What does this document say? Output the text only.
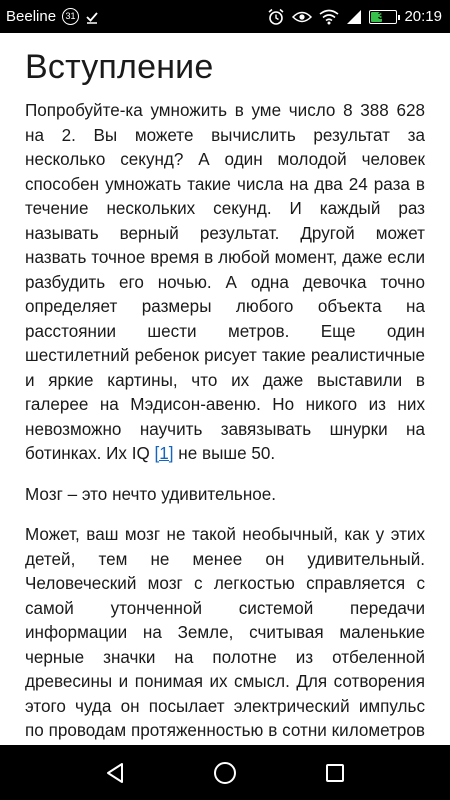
Beeline	31	31	20:19
Вступление

Попробуйте-ка умножить в уме число 8 388 628 на 2. Вы можете вычислить результат за несколько секунд? А один молодой человек способен умножать такие числа на два 24 раза в течение нескольких секунд. И каждый раз называть верный результат. Другой может назвать точное время в любой момент, даже если разбудить его ночью. А одна девочка точно определяет размеры любого объекта на расстоянии шести метров. Еще один шестилетний ребенок рисует такие реалистичные и яркие картины, что их даже выставили в галерее на Мэдисон-авеню. Но никого из них невозможно научить завязывать шнурки на ботинках. Их IQ [1] не выше 50.

Мозг – это нечто удивительное.

Может, ваш мозг не такой необычный, как у этих детей, тем не менее он удивительный. Человеческий мозг с легкостью справляется с самой утонченной системой передачи информации на Земле, считывая маленькие черные значки на полотне из отбеленной древесины и понимая их смысл. Для сотворения этого чуда он посылает электрический импульс по проводам протяженностью в сотни километров
